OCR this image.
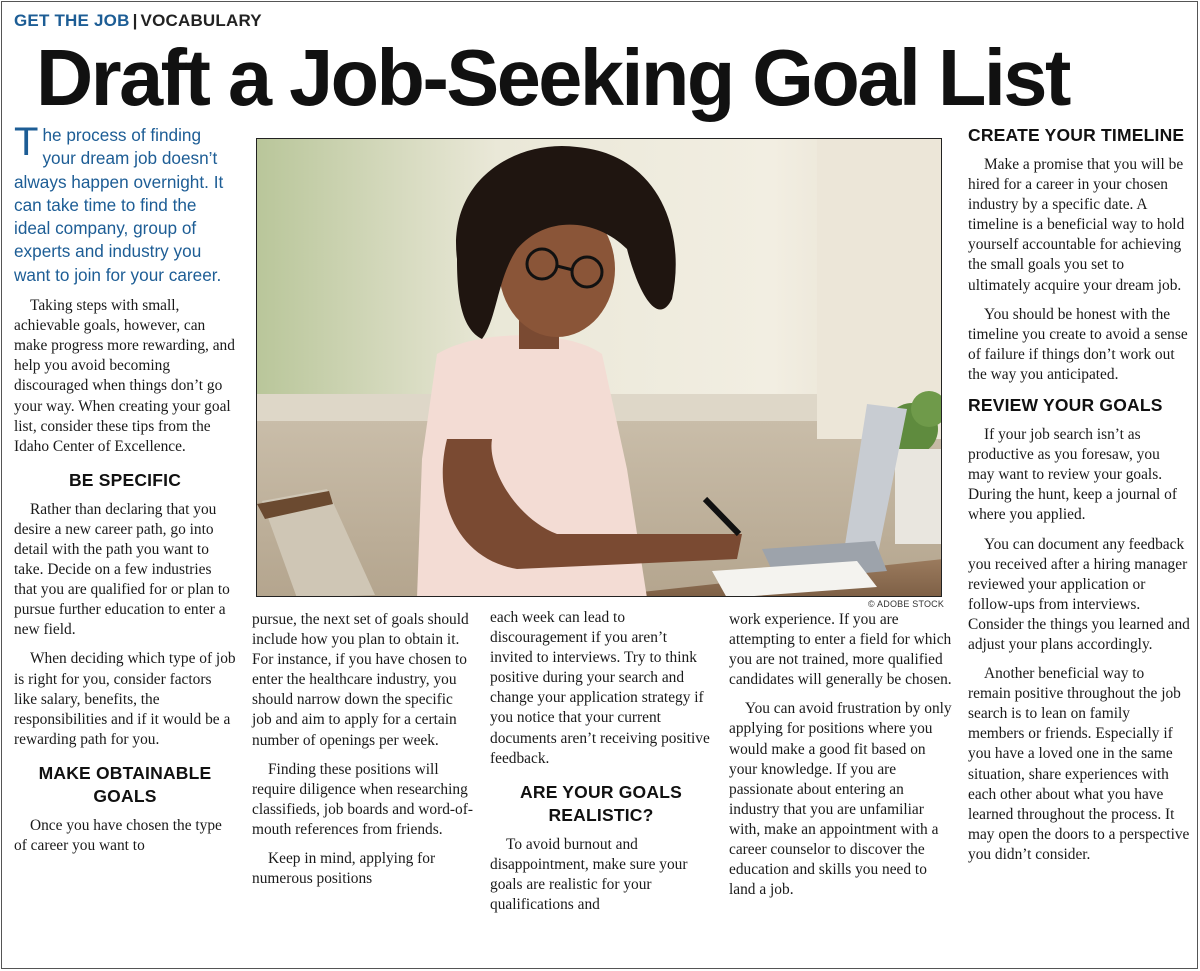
GET THE JOB | VOCABULARY
Draft a Job-Seeking Goal List
The process of finding your dream job doesn’t always happen overnight. It can take time to find the ideal company, group of experts and industry you want to join for your career.

Taking steps with small, achievable goals, however, can make progress more rewarding, and help you avoid becoming discouraged when things don’t go your way. When creating your goal list, consider these tips from the Idaho Center of Excellence.

BE SPECIFIC

Rather than declaring that you desire a new career path, go into detail with the path you want to take. Decide on a few industries that you are qualified for or plan to pursue further education to enter a new field.

When deciding which type of job is right for you, consider factors like salary, benefits, the responsibilities and if it would be a rewarding path for you.

MAKE OBTAINABLE GOALS

Once you have chosen the type of career you want to

© ADOBE STOCK

pursue, the next set of goals should include how you plan to obtain it. For instance, if you have chosen to enter the healthcare industry, you should narrow down the specific job and aim to apply for a certain number of openings per week.

Finding these positions will require diligence when researching classifieds, job boards and word-of-mouth references from friends.

Keep in mind, applying for numerous positions

each week can lead to discouragement if you aren’t invited to interviews. Try to think positive during your search and change your application strategy if you notice that your current documents aren’t receiving positive feedback.

ARE YOUR GOALS REALISTIC?

To avoid burnout and disappointment, make sure your goals are realistic for your qualifications and

work experience. If you are attempting to enter a field for which you are not trained, more qualified candidates will generally be chosen.

You can avoid frustration by only applying for positions where you would make a good fit based on your knowledge. If you are passionate about entering an industry that you are unfamiliar with, make an appointment with a career counselor to discover the education and skills you need to land a job.

CREATE YOUR TIMELINE

Make a promise that you will be hired for a career in your chosen industry by a specific date. A timeline is a beneficial way to hold yourself accountable for achieving the small goals you set to ultimately acquire your dream job.

You should be honest with the timeline you create to avoid a sense of failure if things don’t work out the way you anticipated.

REVIEW YOUR GOALS

If your job search isn’t as productive as you foresaw, you may want to review your goals. During the hunt, keep a journal of where you applied.

You can document any feedback you received after a hiring manager reviewed your application or follow-ups from interviews. Consider the things you learned and adjust your plans accordingly.

Another beneficial way to remain positive throughout the job search is to lean on family members or friends. Especially if you have a loved one in the same situation, share experiences with each other about what you have learned throughout the process. It may open the doors to a perspective you didn’t consider.
